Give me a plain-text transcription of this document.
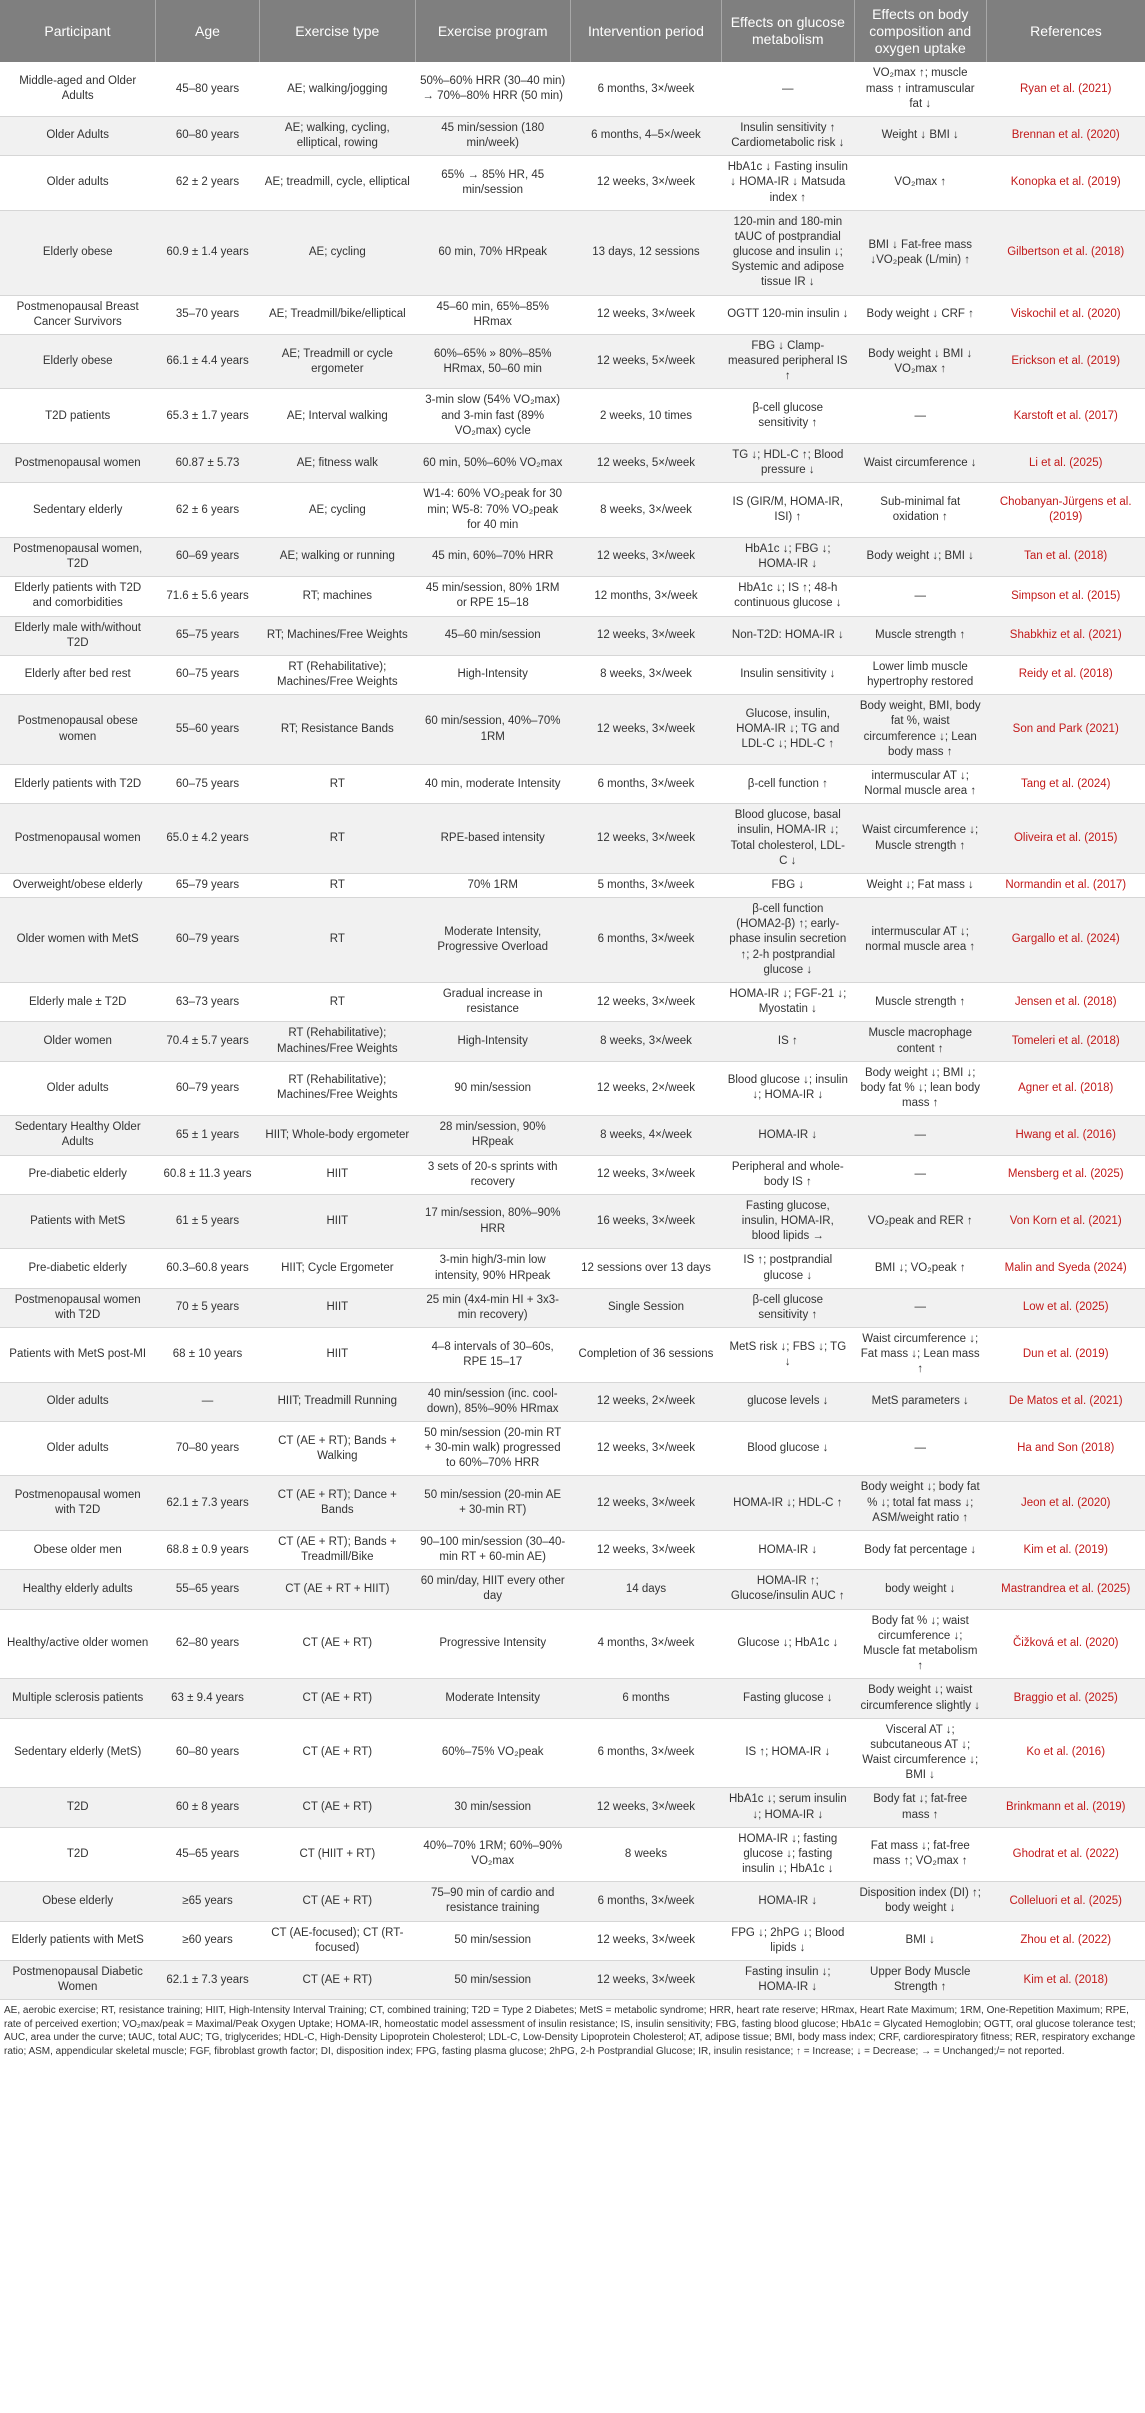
Participant	Age	Exercise type	Exercise program	Intervention period	Effects on glucose metabolism	Effects on body composition and oxygen uptake	References
Middle-aged and Older Adults	45–80 years	AE; walking/jogging	50%–60% HRR (30–40 min) → 70%–80% HRR (50 min)	6 months, 3×/week	—	VO₂max ↑; muscle mass ↑ intramuscular fat ↓	Ryan et al. (2021)
Older Adults	60–80 years	AE; walking, cycling, elliptical, rowing	45 min/session (180 min/week)	6 months, 4–5×/week	Insulin sensitivity ↑ Cardiometabolic risk ↓	Weight ↓ BMI ↓	Brennan et al. (2020)
Older adults	62 ± 2 years	AE; treadmill, cycle, elliptical	65% → 85% HR, 45 min/session	12 weeks, 3×/week	HbA1c ↓ Fasting insulin ↓ HOMA-IR ↓ Matsuda index ↑	VO₂max ↑	Konopka et al. (2019)
Elderly obese	60.9 ± 1.4 years	AE; cycling	60 min, 70% HRpeak	13 days, 12 sessions	120-min and 180-min tAUC of postprandial glucose and insulin ↓; Systemic and adipose tissue IR ↓	BMI ↓ Fat-free mass ↓VO₂peak (L/min) ↑	Gilbertson et al. (2018)
Postmenopausal Breast Cancer Survivors	35–70 years	AE; Treadmill/bike/elliptical	45–60 min, 65%–85% HRmax	12 weeks, 3×/week	OGTT 120-min insulin ↓	Body weight ↓ CRF ↑	Viskochil et al. (2020)
Elderly obese	66.1 ± 4.4 years	AE; Treadmill or cycle ergometer	60%–65% » 80%–85% HRmax, 50–60 min	12 weeks, 5×/week	FBG ↓ Clamp-measured peripheral IS ↑	Body weight ↓ BMI ↓ VO₂max ↑	Erickson et al. (2019)
T2D patients	65.3 ± 1.7 years	AE; Interval walking	3-min slow (54% VO₂max) and 3-min fast (89% VO₂max) cycle	2 weeks, 10 times	β-cell glucose sensitivity ↑	—	Karstoft et al. (2017)
Postmenopausal women	60.87 ± 5.73	AE; fitness walk	60 min, 50%–60% VO₂max	12 weeks, 5×/week	TG ↓; HDL-C ↑; Blood pressure ↓	Waist circumference ↓	Li et al. (2025)
Sedentary elderly	62 ± 6 years	AE; cycling	W1-4: 60% VO₂peak for 30 min; W5-8: 70% VO₂peak for 40 min	8 weeks, 3×/week	IS (GIR/M, HOMA-IR, ISI) ↑	Sub-minimal fat oxidation ↑	Chobanyan-Jürgens et al. (2019)
Postmenopausal women, T2D	60–69 years	AE; walking or running	45 min, 60%–70% HRR	12 weeks, 3×/week	HbA1c ↓; FBG ↓; HOMA-IR ↓	Body weight ↓; BMI ↓	Tan et al. (2018)
Elderly patients with T2D and comorbidities	71.6 ± 5.6 years	RT; machines	45 min/session, 80% 1RM or RPE 15–18	12 months, 3×/week	HbA1c ↓; IS ↑; 48-h continuous glucose ↓	—	Simpson et al. (2015)
Elderly male with/without T2D	65–75 years	RT; Machines/Free Weights	45–60 min/session	12 weeks, 3×/week	Non-T2D: HOMA-IR ↓	Muscle strength ↑	Shabkhiz et al. (2021)
Elderly after bed rest	60–75 years	RT (Rehabilitative); Machines/Free Weights	High-Intensity	8 weeks, 3×/week	Insulin sensitivity ↓	Lower limb muscle hypertrophy restored	Reidy et al. (2018)
Postmenopausal obese women	55–60 years	RT; Resistance Bands	60 min/session, 40%–70% 1RM	12 weeks, 3×/week	Glucose, insulin, HOMA-IR ↓; TG and LDL-C ↓; HDL-C ↑	Body weight, BMI, body fat %, waist circumference ↓; Lean body mass ↑	Son and Park (2021)
Elderly patients with T2D	60–75 years	RT	40 min, moderate Intensity	6 months, 3×/week	β-cell function ↑	intermuscular AT ↓; Normal muscle area ↑	Tang et al. (2024)
Postmenopausal women	65.0 ± 4.2 years	RT	RPE-based intensity	12 weeks, 3×/week	Blood glucose, basal insulin, HOMA-IR ↓; Total cholesterol, LDL-C ↓	Waist circumference ↓; Muscle strength ↑	Oliveira et al. (2015)
Overweight/obese elderly	65–79 years	RT	70% 1RM	5 months, 3×/week	FBG ↓	Weight ↓; Fat mass ↓	Normandin et al. (2017)
Older women with MetS	60–79 years	RT	Moderate Intensity, Progressive Overload	6 months, 3×/week	β-cell function (HOMA2-β) ↑; early-phase insulin secretion ↑; 2-h postprandial glucose ↓	intermuscular AT ↓; normal muscle area ↑	Gargallo et al. (2024)
Elderly male ± T2D	63–73 years	RT	Gradual increase in resistance	12 weeks, 3×/week	HOMA-IR ↓; FGF-21 ↓; Myostatin ↓	Muscle strength ↑	Jensen et al. (2018)
Older women	70.4 ± 5.7 years	RT (Rehabilitative); Machines/Free Weights	High-Intensity	8 weeks, 3×/week	IS ↑	Muscle macrophage content ↑	Tomeleri et al. (2018)
Older adults	60–79 years	RT (Rehabilitative); Machines/Free Weights	90 min/session	12 weeks, 2×/week	Blood glucose ↓; insulin ↓; HOMA-IR ↓	Body weight ↓; BMI ↓; body fat % ↓; lean body mass ↑	Agner et al. (2018)
Sedentary Healthy Older Adults	65 ± 1 years	HIIT; Whole-body ergometer	28 min/session, 90% HRpeak	8 weeks, 4×/week	HOMA-IR ↓	—	Hwang et al. (2016)
Pre-diabetic elderly	60.8 ± 11.3 years	HIIT	3 sets of 20-s sprints with recovery	12 weeks, 3×/week	Peripheral and whole-body IS ↑	—	Mensberg et al. (2025)
Patients with MetS	61 ± 5 years	HIIT	17 min/session, 80%–90% HRR	16 weeks, 3×/week	Fasting glucose, insulin, HOMA-IR, blood lipids →	VO₂peak and RER ↑	Von Korn et al. (2021)
Pre-diabetic elderly	60.3–60.8 years	HIIT; Cycle Ergometer	3-min high/3-min low intensity, 90% HRpeak	12 sessions over 13 days	IS ↑; postprandial glucose ↓	BMI ↓; VO₂peak ↑	Malin and Syeda (2024)
Postmenopausal women with T2D	70 ± 5 years	HIIT	25 min (4x4-min HI + 3x3-min recovery)	Single Session	β-cell glucose sensitivity ↑	—	Low et al. (2025)
Patients with MetS post-MI	68 ± 10 years	HIIT	4–8 intervals of 30–60s, RPE 15–17	Completion of 36 sessions	MetS risk ↓; FBS ↓; TG ↓	Waist circumference ↓; Fat mass ↓; Lean mass ↑	Dun et al. (2019)
Older adults	—	HIIT; Treadmill Running	40 min/session (inc. cool-down), 85%–90% HRmax	12 weeks, 2×/week	glucose levels ↓	MetS parameters ↓	De Matos et al. (2021)
Older adults	70–80 years	CT (AE + RT); Bands + Walking	50 min/session (20-min RT + 30-min walk) progressed to 60%–70% HRR	12 weeks, 3×/week	Blood glucose ↓	—	Ha and Son (2018)
Postmenopausal women with T2D	62.1 ± 7.3 years	CT (AE + RT); Dance + Bands	50 min/session (20-min AE + 30-min RT)	12 weeks, 3×/week	HOMA-IR ↓; HDL-C ↑	Body weight ↓; body fat % ↓; total fat mass ↓; ASM/weight ratio ↑	Jeon et al. (2020)
Obese older men	68.8 ± 0.9 years	CT (AE + RT); Bands + Treadmill/Bike	90–100 min/session (30–40-min RT + 60-min AE)	12 weeks, 3×/week	HOMA-IR ↓	Body fat percentage ↓	Kim et al. (2019)
Healthy elderly adults	55–65 years	CT (AE + RT + HIIT)	60 min/day, HIIT every other day	14 days	HOMA-IR ↑; Glucose/insulin AUC ↑	body weight ↓	Mastrandrea et al. (2025)
Healthy/active older women	62–80 years	CT (AE + RT)	Progressive Intensity	4 months, 3×/week	Glucose ↓; HbA1c ↓	Body fat % ↓; waist circumference ↓; Muscle fat metabolism ↑	Čižková et al. (2020)
Multiple sclerosis patients	63 ± 9.4 years	CT (AE + RT)	Moderate Intensity	6 months	Fasting glucose ↓	Body weight ↓; waist circumference slightly ↓	Braggio et al. (2025)
Sedentary elderly (MetS)	60–80 years	CT (AE + RT)	60%–75% VO₂peak	6 months, 3×/week	IS ↑; HOMA-IR ↓	Visceral AT ↓; subcutaneous AT ↓; Waist circumference ↓; BMI ↓	Ko et al. (2016)
T2D	60 ± 8 years	CT (AE + RT)	30 min/session	12 weeks, 3×/week	HbA1c ↓; serum insulin ↓; HOMA-IR ↓	Body fat ↓; fat-free mass ↑	Brinkmann et al. (2019)
T2D	45–65 years	CT (HIIT + RT)	40%–70% 1RM; 60%–90% VO₂max	8 weeks	HOMA-IR ↓; fasting glucose ↓; fasting insulin ↓; HbA1c ↓	Fat mass ↓; fat-free mass ↑; VO₂max ↑	Ghodrat et al. (2022)
Obese elderly	≥65 years	CT (AE + RT)	75–90 min of cardio and resistance training	6 months, 3×/week	HOMA-IR ↓	Disposition index (DI) ↑; body weight ↓	Colleluori et al. (2025)
Elderly patients with MetS	≥60 years	CT (AE-focused); CT (RT-focused)	50 min/session	12 weeks, 3×/week	FPG ↓; 2hPG ↓; Blood lipids ↓	BMI ↓	Zhou et al. (2022)
Postmenopausal Diabetic Women	62.1 ± 7.3 years	CT (AE + RT)	50 min/session	12 weeks, 3×/week	Fasting insulin ↓; HOMA-IR ↓	Upper Body Muscle Strength ↑	Kim et al. (2018)
AE, aerobic exercise; RT, resistance training; HIIT, High-Intensity Interval Training; CT, combined training; T2D = Type 2 Diabetes; MetS = metabolic syndrome; HRR, heart rate reserve; HRmax, Heart Rate Maximum; 1RM, One-Repetition Maximum; RPE, rate of perceived exertion; VO₂max/peak = Maximal/Peak Oxygen Uptake; HOMA-IR, homeostatic model assessment of insulin resistance; IS, insulin sensitivity; FBG, fasting blood glucose; HbA1c = Glycated Hemoglobin; OGTT, oral glucose tolerance test; AUC, area under the curve; tAUC, total AUC; TG, triglycerides; HDL-C, High-Density Lipoprotein Cholesterol; LDL-C, Low-Density Lipoprotein Cholesterol; AT, adipose tissue; BMI, body mass index; CRF, cardiorespiratory fitness; RER, respiratory exchange ratio; ASM, appendicular skeletal muscle; FGF, fibroblast growth factor; DI, disposition index; FPG, fasting plasma glucose; 2hPG, 2-h Postprandial Glucose; IR, insulin resistance; ↑ = Increase; ↓ = Decrease; → = Unchanged;/= not reported.
